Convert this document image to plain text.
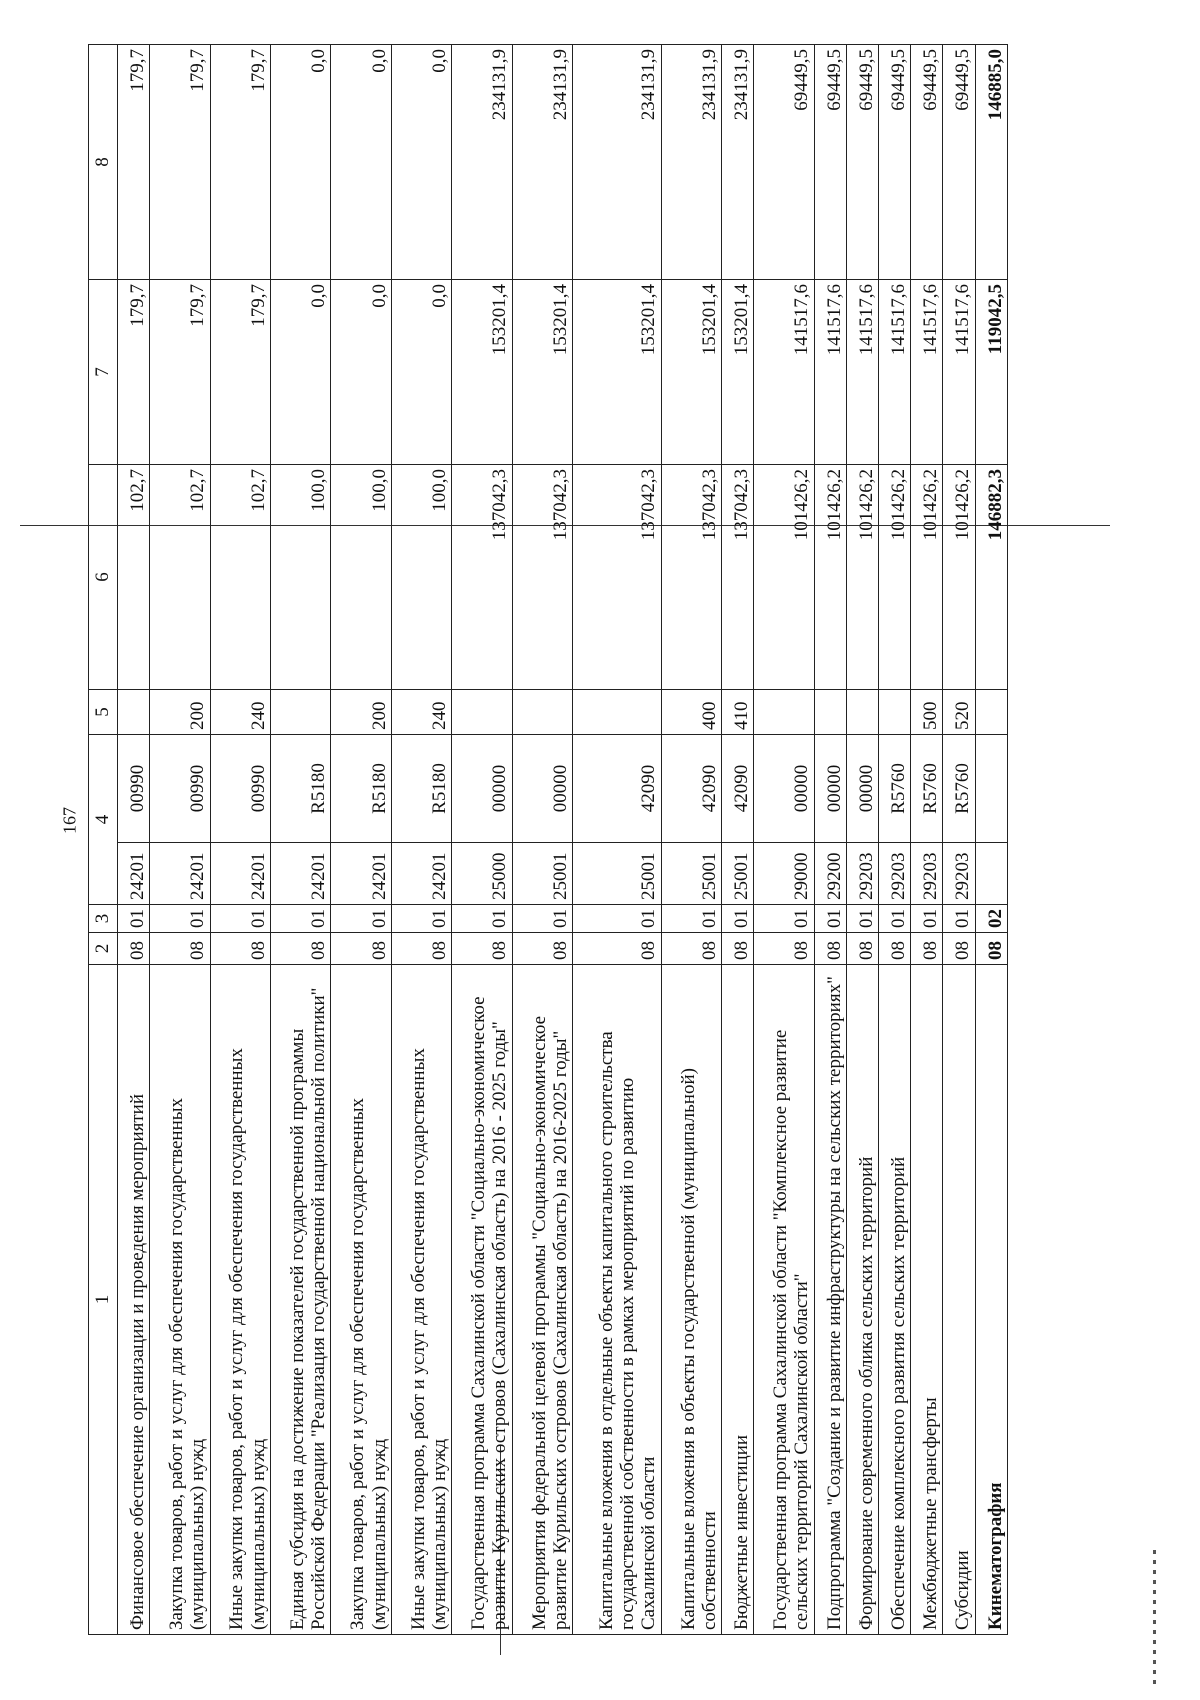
167
1	2	3	4		5	6	7	8
Финансовое обеспечение организации и проведения мероприятий	08	01	24201	00990		102,7	179,7	179,7
Закупка товаров, работ и услуг для обеспечения государственных (муниципальных) нужд	08	01	24201	00990	200	102,7	179,7	179,7
Иные закупки товаров, работ и услуг для обеспечения государственных (муниципальных) нужд	08	01	24201	00990	240	102,7	179,7	179,7
Единая субсидия на достижение показателей государственной программы Российской Федерации "Реализация государственной национальной политики"	08	01	24201	R5180		100,0	0,0	0,0
Закупка товаров, работ и услуг для обеспечения государственных (муниципальных) нужд	08	01	24201	R5180	200	100,0	0,0	0,0
Иные закупки товаров, работ и услуг для обеспечения государственных (муниципальных) нужд	08	01	24201	R5180	240	100,0	0,0	0,0
Государственная программа Сахалинской области "Социально-экономическое развитие Курильских островов (Сахалинская область) на 2016 - 2025 годы"	08	01	25000	00000		137042,3	153201,4	234131,9
Мероприятия федеральной целевой программы "Социально-экономическое развитие Курильских островов (Сахалинская область) на 2016-2025 годы"	08	01	25001	00000		137042,3	153201,4	234131,9
Капитальные вложения в отдельные объекты капитального строительства государственной собственности в рамках мероприятий по развитию Сахалинской области	08	01	25001	42090		137042,3	153201,4	234131,9
Капитальные вложения в объекты государственной (муниципальной) собственности	08	01	25001	42090	400	137042,3	153201,4	234131,9
Бюджетные инвестиции	08	01	25001	42090	410	137042,3	153201,4	234131,9
Государственная программа Сахалинской области "Комплексное развитие сельских территорий Сахалинской области"	08	01	29000	00000		101426,2	141517,6	69449,5
Подпрограмма "Создание и развитие инфраструктуры на сельских территориях"	08	01	29200	00000		101426,2	141517,6	69449,5
Формирование современного облика сельских территорий	08	01	29203	00000		101426,2	141517,6	69449,5
Обеспечение комплексного развития сельских территорий	08	01	29203	R5760		101426,2	141517,6	69449,5
Межбюджетные трансферты	08	01	29203	R5760	500	101426,2	141517,6	69449,5
Субсидии	08	01	29203	R5760	520	101426,2	141517,6	69449,5
Кинематография	08	02				146882,3	119042,5	146885,0
